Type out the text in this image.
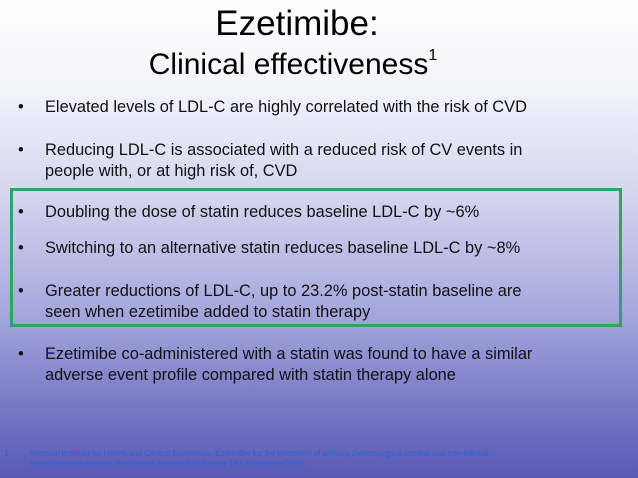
Ezetimibe:
Clinical effectiveness$^1$
•	Elevated levels of LDL-C are highly correlated with the risk of CVD
•	Reducing LDL-C is associated with a reduced risk of CV events in
people with, or at high risk of, CVD
•	Doubling the dose of statin reduces baseline LDL-C by ~6%
•	Switching to an alternative statin reduces baseline LDL-C by ~8%
•	Greater reductions of LDL-C, up to 23.2% post-statin baseline are
seen when ezetimibe added to statin therapy
•	Ezetimibe co-administered with a statin was found to have a similar
adverse event profile compared with statin therapy alone
1. National Institute for Health and Clinical Excellence. Ezetimibe for the treatment of primary (heterozygous-familial and non-familial)
hypercholesterolaemia. Technology Appraisal Guidance 132. November 2007.
